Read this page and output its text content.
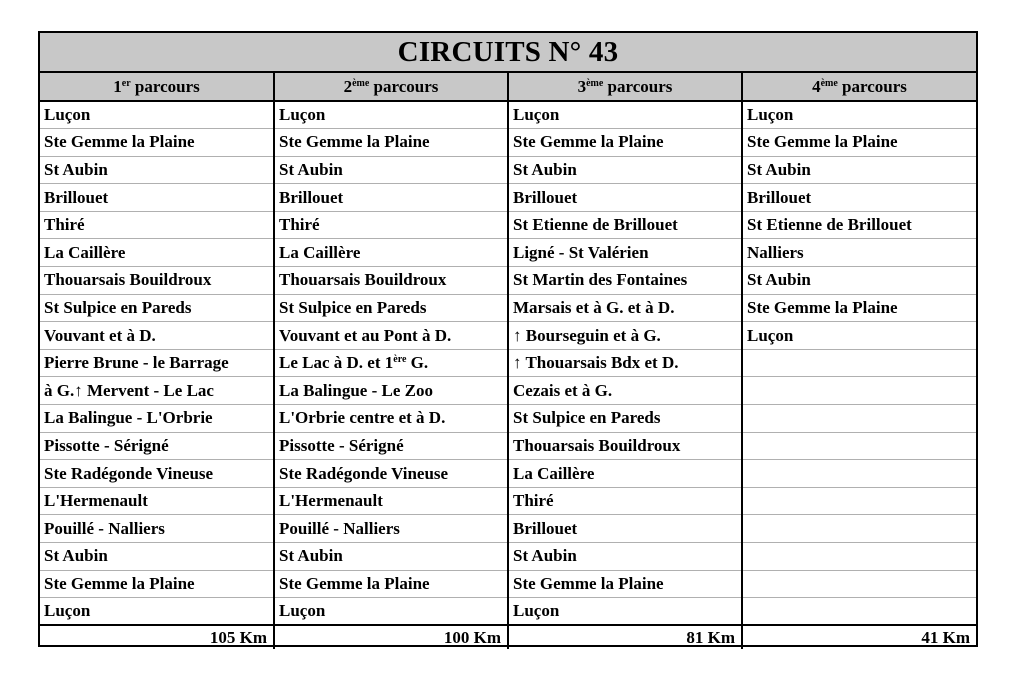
CIRCUITS N° 43
1er parcours	2ème parcours	3ème parcours	4ème parcours
Luçon	Luçon	Luçon	Luçon
Ste Gemme la Plaine	Ste Gemme la Plaine	Ste Gemme la Plaine	Ste Gemme la Plaine
St Aubin	St Aubin	St Aubin	St Aubin
Brillouet	Brillouet	Brillouet	Brillouet
Thiré	Thiré	St Etienne de Brillouet	St Etienne de Brillouet
La Caillère	La Caillère	Ligné - St Valérien	Nalliers
Thouarsais Bouildroux	Thouarsais Bouildroux	St Martin des Fontaines	St Aubin
St Sulpice en Pareds	St Sulpice en Pareds	Marsais et à G. et à D.	Ste Gemme la Plaine
Vouvant et à D.	Vouvant et au Pont à D.	↑ Bourseguin et à G.	Luçon
Pierre Brune - le Barrage	Le Lac à D. et 1ère G.	↑ Thouarsais Bdx et D.	
à G.↑ Mervent - Le Lac	La Balingue - Le Zoo	Cezais et à G.	
La Balingue - L'Orbrie	L'Orbrie centre et à D.	St Sulpice en Pareds	
Pissotte - Sérigné	Pissotte - Sérigné	Thouarsais Bouildroux	
Ste Radégonde Vineuse	Ste Radégonde Vineuse	La Caillère	
L'Hermenault	L'Hermenault	Thiré	
Pouillé - Nalliers	Pouillé - Nalliers	Brillouet	
St Aubin	St Aubin	St Aubin	
Ste Gemme la Plaine	Ste Gemme la Plaine	Ste Gemme la Plaine	
Luçon	Luçon	Luçon	
105 Km	100 Km	81 Km	41 Km
